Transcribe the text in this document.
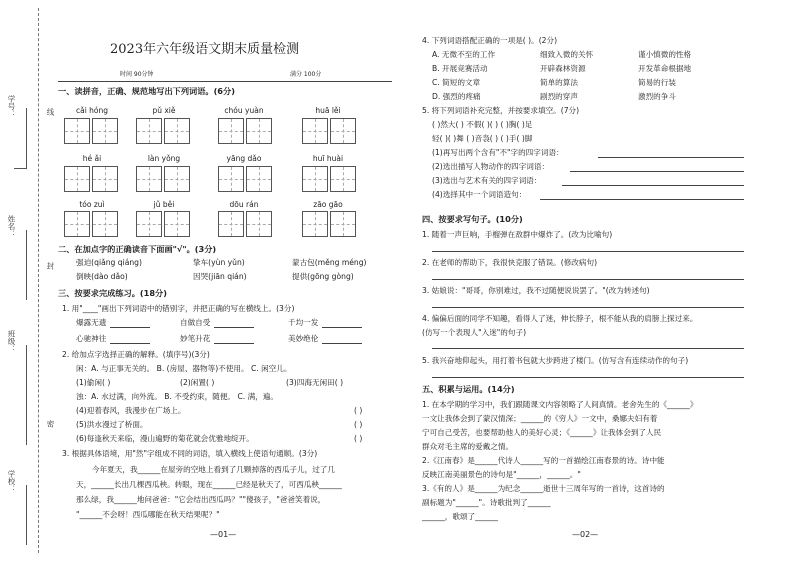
学号：
姓名：
班级：
学校：
线
封
密
2023年六年级语文期末质量检测
时间 90分钟	满分 100分
一、读拼音，正确、规范地写出下列词语。(6分)
cǎi hóng	pǔ xiě	chóu yuàn	huā lěi
hé ǎi	làn yǒng	yāng dǎo	huī huài
tóo zuì	jǔ běi	dōu rán	zāo gāo
二、在加点字的正确读音下面画"√"。(3分)
强迫(qiǎng qiáng)	挚车(yùn yǔn)	蒙古包(měng méng)
倒映(dào dǎo)	因哭(jiān qián)	提供(gōng gòng)
三、按要求完成练习。(18分)
1. 用"____"画出下列词语中的错别字，并把正确的写在横线上。(3分)
爆露无遗	自做自受	千均一发
心驰神往	妙笔升花	美妙绝伦
2. 给加点字选择正确的解释。(填序号)(3分)
闲：A. 与正事无关的。 B. (房屋、器物等)不使用。 C. 闲空儿。
(1)偷闲( )	(2)闲置( )	(3)四海无闲田( )
浊：A. 水过满，向外流。 B. 不受约束，随便。 C. 满，遍。
(4)迎着春风，我漫步在广场上。	( )
(5)洪水漫过了桥面。	( )
(6)每逢秋天来临，漫山遍野的菊花就会优雅地绽开。	( )
3. 根据具体语境，用"然"字组成不同的词语，填入横线上使语句通顺。(3分)
今年夏天，我______在屋旁的空地上看到了几颗掉落的西瓜子儿，过了几
天，______长出几棵西瓜秧。转眼，现在______已经是秋天了，可西瓜秧______
那么绿，我______地问爸爸："它会结出西瓜吗？""傻孩子，"爸爸笑着说，
"______不会呀！西瓜哪能在秋天结果呢？"
—01—
4. 下列词语搭配正确的一项是( )。(2分)
A. 无微不至的工作	细致入微的关怀	谨小慎微的性格
B. 开展竞赛活动	开辟森林资源	开发革命根据地
C. 简短的文章	简单的算法	简易的行装
D. 强烈的疼痛	剧烈的穿声	激烈的争斗
5. 将下列词语补充完整，并按要求填空。(7分)
( )然大( ) 不假( )( ) ( )胸( )足
轻( )( )舞 ( )音袅( ) ( )手( )脚
(1)再写出两个含有"不"字的四字词语：
(2)选出描写人物动作的四字词语：
(3)选出与艺术有关的四字词语：
(4)选择其中一个词语造句：
四、按要求写句子。(10分)
1. 随着一声巨响，手榴弹在敌群中爆炸了。(改为比喻句)
2. 在老师的帮助下，我很快克服了错误。(修改病句)
3. 姑娘说："哥哥，你别难过，我不过随便说说罢了。"(改为转述句)
4. 偏偏后面的同学不知趣，看得人了迷，伸长脖子，根不能从我的肩膀上探过来。
(仿写一个表现人"入迷"的句子)
5. 我兴奋地仰起头，用打着书包就大步跨进了楼门。(仿写含有连续动作的句子)
五、积累与运用。(14分)
1. 在本学期的学习中，我们跟随课文内容领略了人间真情。老舍先生的《______》
一文让我体会到了蒙汉情深；______的《穷人》一文中，桑娜夫妇有着
宁可自己受苦，也要帮助他人的美好心灵；《______》让我体会到了人民
群众对毛主席的爱戴之情。
2.《江南春》是______代诗人______写的一首描绘江南春景的诗。诗中能
反映江南美丽景色的诗句是"______，______。"
3.《有的人》是______为纪念______逝世十三周年写的一首诗，这首诗的
副标题为"______"。诗歌批判了______
______，歌颂了______
—02—
